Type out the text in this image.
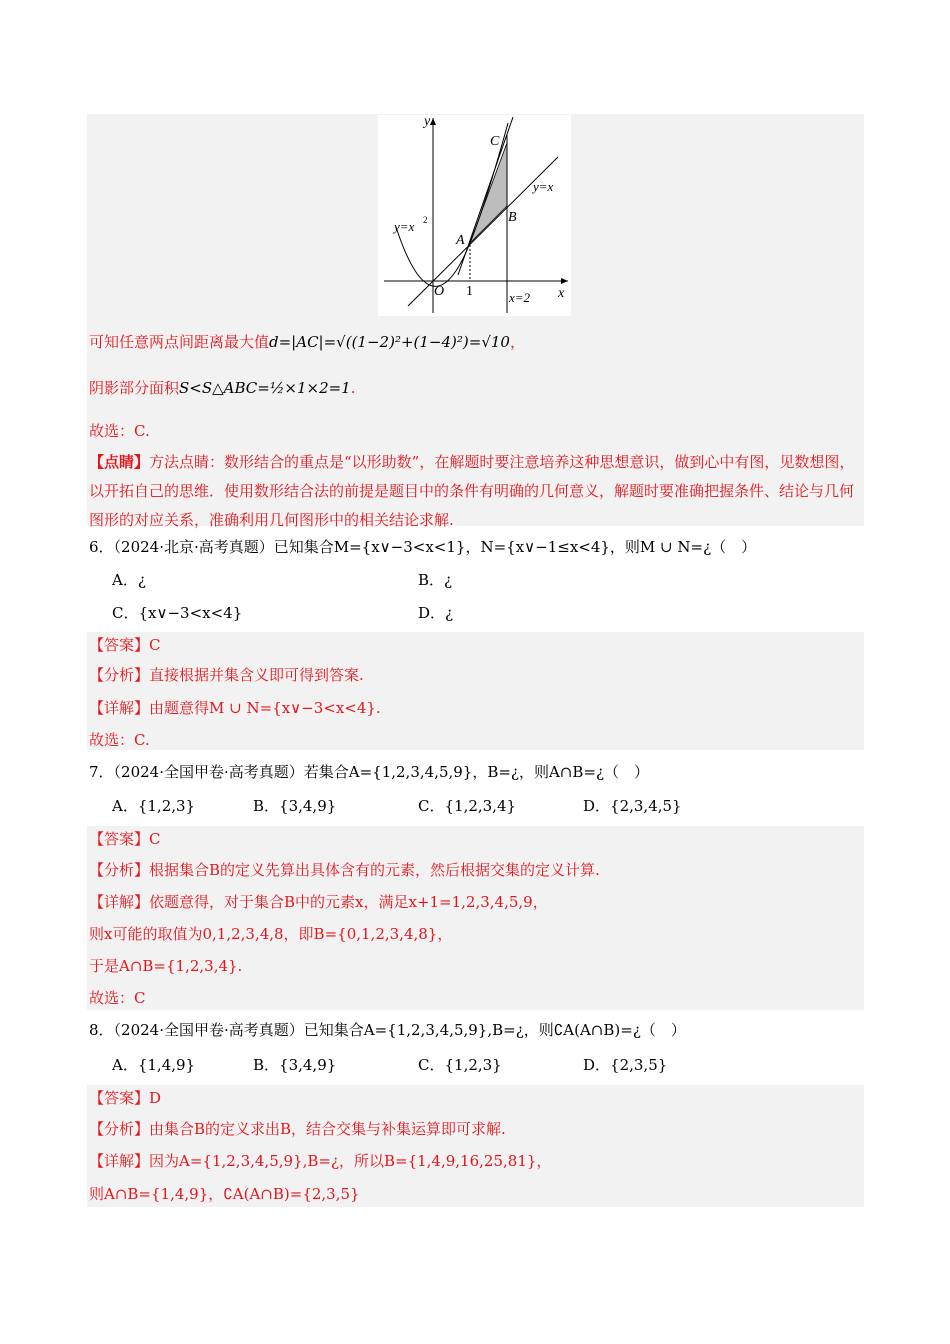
y
C
y=x
B
y=x 2
A
O 1	x=2 x
可知任意两点间距离最大值d=|AC|=√((1−2)²+(1−4)²)=√10，
阴影部分面积S<S△ABC=½×1×2=1.
故选：C.
【点睛】方法点睛：数形结合的重点是“以形助数”，在解题时要注意培养这种思想意识，做到心中有图，见数想图，以开拓自己的思维．使用数形结合法的前提是题目中的条件有明确的几何意义，解题时要准确把握条件、结论与几何图形的对应关系，准确利用几何图形中的相关结论求解.
6．（2024·北京·高考真题）已知集合M={x∨−3<x<1}，N={x∨−1≤x<4}，则M ∪ N=¿（　）
A．¿	B．¿
C．{x∨−3<x<4}	D．¿
【答案】C
【分析】直接根据并集含义即可得到答案.
【详解】由题意得M ∪ N={x∨−3<x<4}.
故选：C.
7．（2024·全国甲卷·高考真题）若集合A={1,2,3,4,5,9}，B=¿，则A∩B=¿（　）
A．{1,2,3}	B．{3,4,9}	C．{1,2,3,4}	D．{2,3,4,5}
【答案】C
【分析】根据集合B的定义先算出具体含有的元素，然后根据交集的定义计算.
【详解】依题意得，对于集合B中的元素x，满足x+1=1,2,3,4,5,9，
则x可能的取值为0,1,2,3,4,8，即B={0,1,2,3,4,8}，
于是A∩B={1,2,3,4}.
故选：C
8．（2024·全国甲卷·高考真题）已知集合A={1,2,3,4,5,9},B=¿，则∁A(A∩B)=¿（　）
A．{1,4,9}	B．{3,4,9}	C．{1,2,3}	D．{2,3,5}
【答案】D
【分析】由集合B的定义求出B，结合交集与补集运算即可求解.
【详解】因为A={1,2,3,4,5,9},B=¿，所以B={1,4,9,16,25,81}，
则A∩B={1,4,9}，∁A(A∩B)={2,3,5}
